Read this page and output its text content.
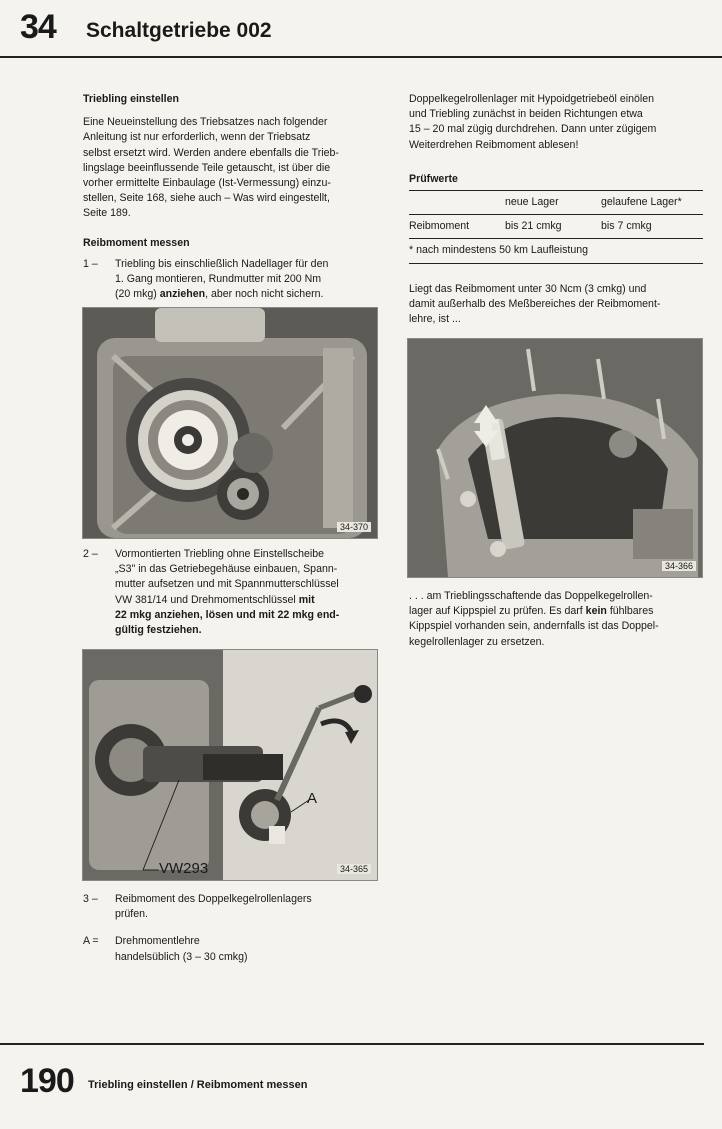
34 Schaltgetriebe 002
Triebling einstellen
Eine Neueinstellung des Triebsatzes nach folgender
Anleitung ist nur erforderlich, wenn der Triebsatz
selbst ersetzt wird. Werden andere ebenfalls die Trieb-
lingslage beeinflussende Teile getauscht, ist über die
vorher ermittelte Einbaulage (Ist-Vermessung) einzu-
stellen, Seite 168, siehe auch – Was wird eingestellt,
Seite 189.
Reibmoment messen
1 –	Triebling bis einschließlich Nadellager für den
1. Gang montieren, Rundmutter mit 200 Nm
(20 mkg) anziehen, aber noch nicht sichern.
34-370
2 –	Vormontierten Triebling ohne Einstellscheibe
„S3" in das Getriebegehäuse einbauen, Spann-
mutter aufsetzen und mit Spannmutterschlüssel
VW 381/14 und Drehmomentschlüssel mit
22 mkg anziehen, lösen und mit 22 mkg end-
gültig festziehen.
A
VW293	34-365
3 –	Reibmoment des Doppelkegelrollenlagers
prüfen.
A =	Drehmomentlehre
handelsüblich (3 – 30 cmkg)
Doppelkegelrollenlager mit Hypoidgetriebeöl einölen
und Triebling zunächst in beiden Richtungen etwa
15 – 20 mal zügig durchdrehen. Dann unter zügigem
Weiterdrehen Reibmoment ablesen!
Prüfwerte
	neue Lager	gelaufene Lager*
Reibmoment	bis 21 cmkg	bis 7 cmkg
* nach mindestens 50 km Laufleistung		
Liegt das Reibmoment unter 30 Ncm (3 cmkg) und
damit außerhalb des Meßbereiches der Reibmoment-
lehre, ist ...
34-366
. . . am Trieblingsschaftende das Doppelkegelrollen-
lager auf Kippspiel zu prüfen. Es darf kein fühlbares
Kippspiel vorhanden sein, andernfalls ist das Doppel-
kegelrollenlager zu ersetzen.
190 Triebling einstellen / Reibmoment messen
